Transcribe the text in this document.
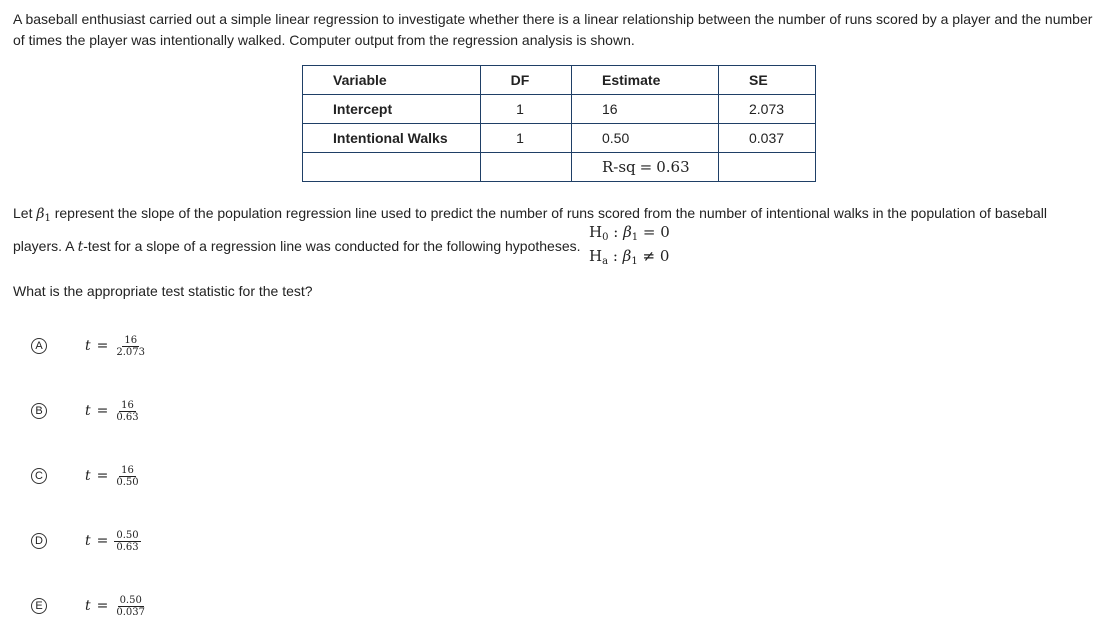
A baseball enthusiast carried out a simple linear regression to investigate whether there is a linear relationship between the number of runs scored by a player and the number of times the player was intentionally walked. Computer output from the regression analysis is shown.

Variable	DF	Estimate	SE
Intercept	1	16	2.073
Intentional Walks	1	0.50	0.037
		R-sq = 0.63	
Let $\beta_1$ represent the slope of the population regression line used to predict the number of runs scored from the number of intentional walks in the population of baseball
players. A t-test for a slope of a regression line was conducted for the following hypotheses.
$H_0$ : $\beta_1 = 0$
$H_a$ : $\beta_1 \ne 0$
What is the appropriate test statistic for the test?
A	$t = \frac{16}{2.073}$
B	$t = \frac{16}{0.63}$
C	$t = \frac{16}{0.50}$
D	$t = \frac{0.50}{0.63}$
E	$t = \frac{0.50}{0.037}$
